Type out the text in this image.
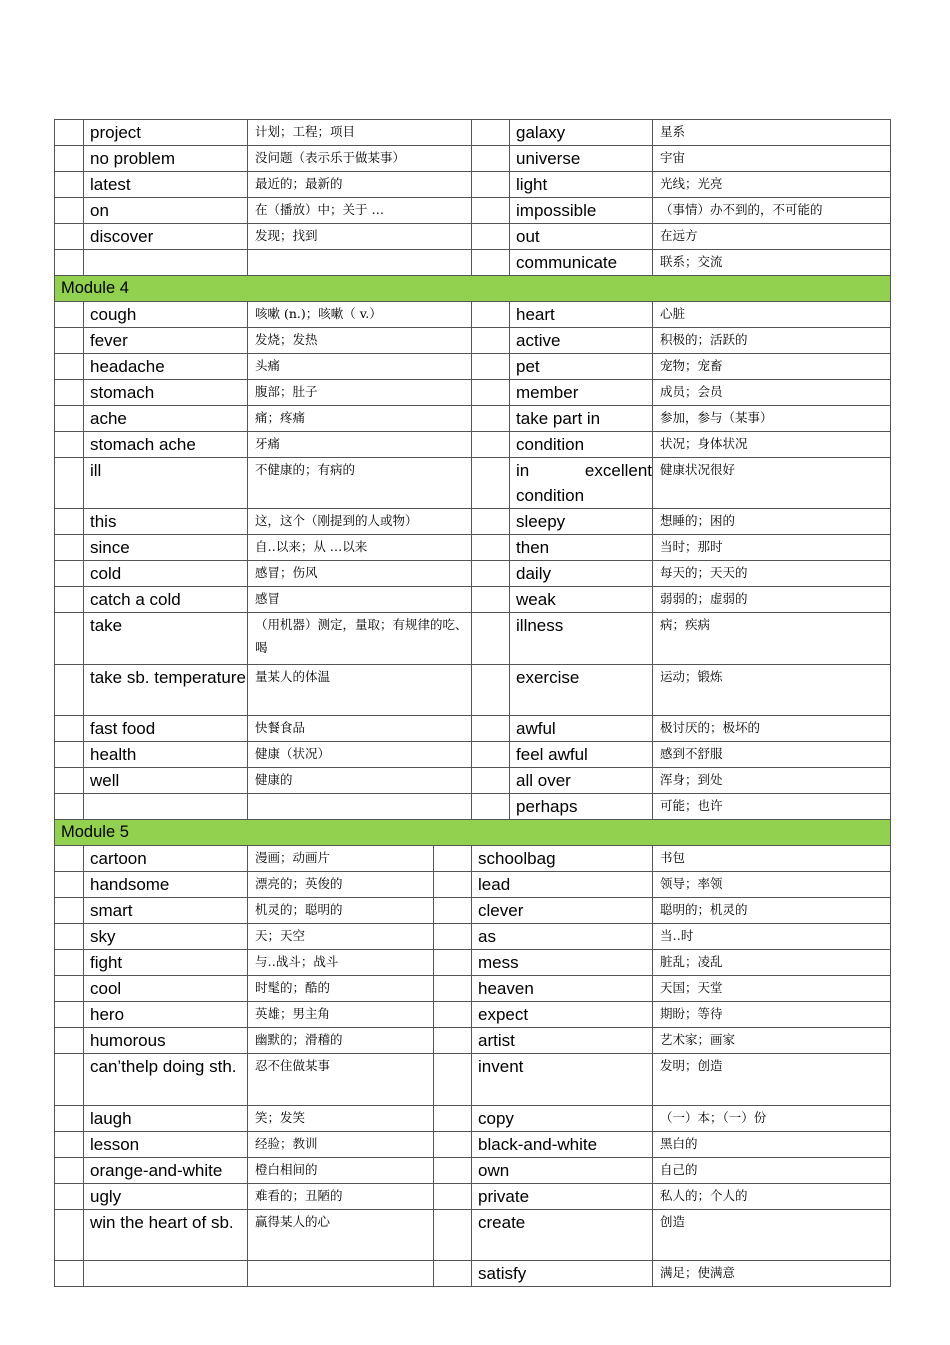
	project	计划；工程；项目			galaxy	星系
	no problem	没问题（表示乐于做某事）			universe	宇宙
	latest	最近的；最新的			light	光线；光亮
	on	在（播放）中；关于 …			impossible	（事情）办不到的，不可能的
	discover	发现；找到			out	在远方
					communicate	联系；交流
Module 4						
	cough	咳嗽 (n.)；咳嗽（ v.）			heart	心脏
	fever	发烧；发热			active	积极的；活跃的
	headache	头痛			pet	宠物；宠畜
	stomach	腹部；肚子			member	成员；会员
	ache	痛；疼痛			take part in	参加，参与（某事）
	stomach ache	牙痛			condition	状况；身体状况
	ill	不健康的；有病的			in excellent condition	健康状况很好
	this	这，这个（刚提到的人或物）			sleepy	想睡的；困的
	since	自‥以来；从 …以来			then	当时；那时
	cold	感冒；伤风			daily	每天的；天天的
	catch a cold	感冒			weak	弱弱的；虚弱的
	take	（用机器）测定，量取；有规律的吃、喝			illness	病；疾病
	take sb. temperature	量某人的体温			exercise	运动；锻炼
	fast food	快餐食品			awful	极讨厌的；极坏的
	health	健康（状况）			feel awful	感到不舒服
	well	健康的			all over	浑身；到处
					perhaps	可能；也许
Module 5						
	cartoon	漫画；动画片		schoolbag		书包
	handsome	漂亮的；英俊的		lead		领导；率领
	smart	机灵的；聪明的		clever		聪明的；机灵的
	sky	天；天空		as		当‥时
	fight	与‥战斗；战斗		mess		脏乱；凌乱
	cool	时髦的；酷的		heaven		天国；天堂
	hero	英雄；男主角		expect		期盼；等待
	humorous	幽默的；滑稽的		artist		艺术家；画家
	can’thelp doing sth.	忍不住做某事		invent		发明；创造
	laugh	笑；发笑		copy		（一）本；（一）份
	lesson	经验；教训		black-and-white		黑白的
	orange-and-white	橙白相间的		own		自己的
	ugly	难看的；丑陋的		private		私人的；个人的
	win the heart of sb.	赢得某人的心		create		创造
				satisfy		满足；使满意
